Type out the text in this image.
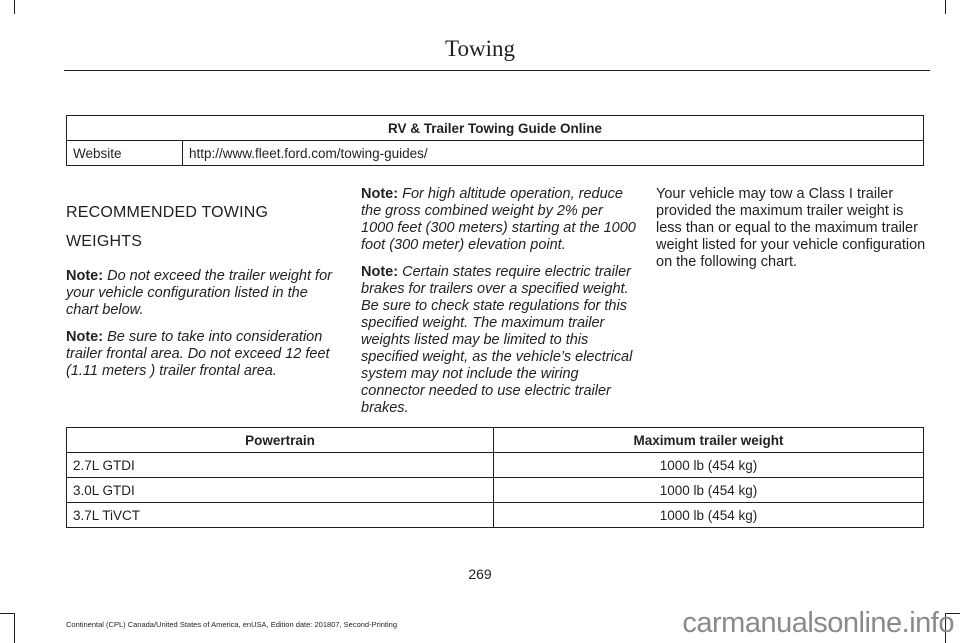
Towing
RV & Trailer Towing Guide Online
Website	http://www.fleet.ford.com/towing-guides/
RECOMMENDED TOWING
WEIGHTS

Note: Do not exceed the trailer weight for your vehicle configuration listed in the chart below.

Note: Be sure to take into consideration trailer frontal area. Do not exceed 12 feet (1.11 meters ) trailer frontal area.

Note: For high altitude operation, reduce the gross combined weight by 2% per 1000 feet (300 meters) starting at the 1000 foot (300 meter) elevation point.

Note: Certain states require electric trailer brakes for trailers over a specified weight. Be sure to check state regulations for this specified weight. The maximum trailer weights listed may be limited to this specified weight, as the vehicle’s electrical system may not include the wiring connector needed to use electric trailer brakes.

Your vehicle may tow a Class I trailer provided the maximum trailer weight is less than or equal to the maximum trailer weight listed for your vehicle configuration on the following chart.

Powertrain	Maximum trailer weight
2.7L GTDI	1000 lb (454 kg)
3.0L GTDI	1000 lb (454 kg)
3.7L TiVCT	1000 lb (454 kg)
269
Continental (CPL) Canada/United States of America, enUSA, Edition date: 201807, Second-Printing	carmanualsonline.info
